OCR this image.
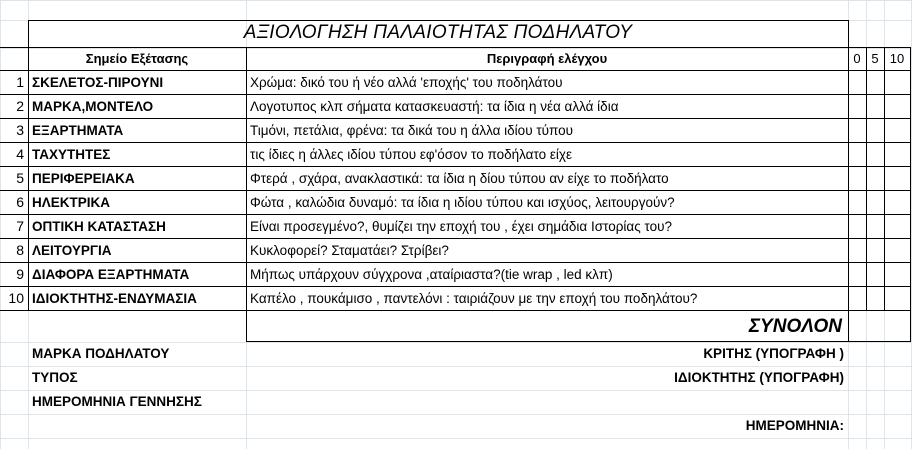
ΑΞΙΟΛΟΓΗΣΗ ΠΑΛΑΙΟΤΗΤΑΣ ΠΟΔΗΛΑΤΟΥ
Σημείο Εξέτασης	Περιγραφή ελέγχου	0 5 10
1 ΣΚΕΛΕΤΟΣ-ΠΙΡΟΥΝΙ	Χρώμα: δικό του ή νέο αλλά 'εποχής' του ποδηλάτου
2 ΜΑΡΚΑ,ΜΟΝΤΕΛΟ	Λογοτυπος κλπ σήματα κατασκευαστή: τα ίδια η νέα αλλά ίδια
3 ΕΞΑΡΤΗΜΑΤΑ	Τιμόνι, πετάλια, φρένα: τα δικά του η άλλα ιδίου τύπου
4 ΤΑΧΥΤΗΤΕΣ	τις ίδιες η άλλες ιδίου τύπου εφ'όσον το ποδήλατο είχε
5 ΠΕΡΙΦΕΡΕΙΑΚΑ	Φτερά , σχάρα, ανακλαστικά: τα ίδια η δίου τύπου αν είχε το ποδήλατο
6 ΗΛΕΚΤΡΙΚΑ	Φώτα , καλώδια δυναμό: τα ίδια η ιδίου τύπου και ισχύος, λειτουργούν?
7 ΟΠΤΙΚΗ ΚΑΤΑΣΤΑΣΗ	Είναι προσεγμένο?, θυμίζει την εποχή του , έχει σημάδια Ιστορίας του?
8 ΛΕΙΤΟΥΡΓΙΑ	Κυκλοφορεί? Σταματάει? Στρίβει?
9 ΔΙΑΦΟΡΑ ΕΞΑΡΤΗΜΑΤΑ	Μήπως υπάρχουν σύγχρονα ,αταίριαστα?(tie wrap , led κλπ)
10 ΙΔΙΟΚΤΗΤΗΣ-ΕΝΔΥΜΑΣΙΑ	Καπέλο , πουκάμισο , παντελόνι : ταιριάζουν με την εποχή του ποδηλάτου?
ΣΥΝΟΛΟΝ
ΜΑΡΚΑ ΠΟΔΗΛΑΤΟΥ
ΤΥΠΟΣ
ΗΜΕΡΟΜΗΝΙΑ ΓΕΝΝΗΣΗΣ
ΚΡΙΤΗΣ (ΥΠΟΓΡΑΦΗ )
ΙΔΙΟΚΤΗΤΗΣ (ΥΠΟΓΡΑΦΗ)
ΗΜΕΡΟΜΗΝΙΑ:
